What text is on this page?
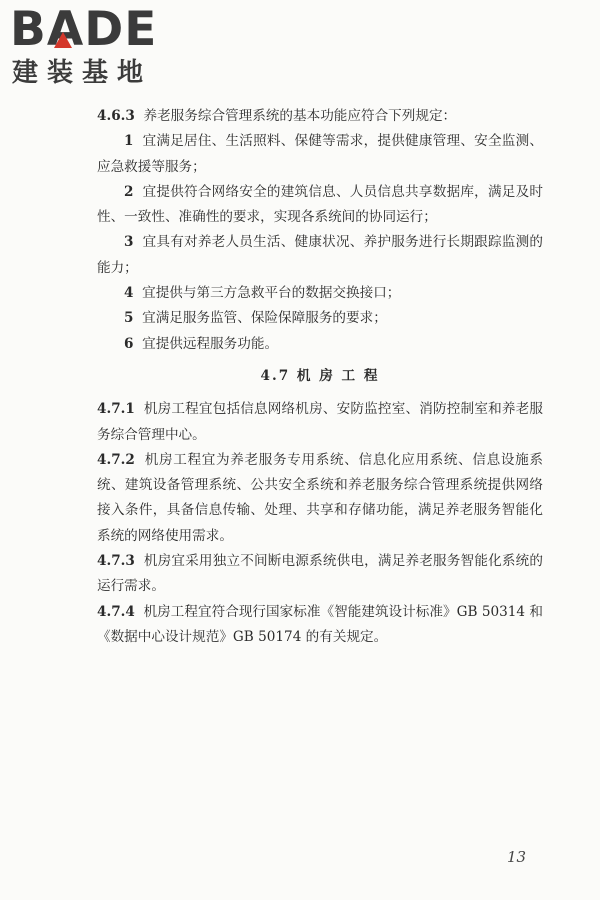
BADE
建装基地

4.6.3 养老服务综合管理系统的基本功能应符合下列规定：

1 宜满足居住、生活照料、保健等需求，提供健康管理、安全监测、应急救援等服务；

2 宜提供符合网络安全的建筑信息、人员信息共享数据库，满足及时性、一致性、准确性的要求，实现各系统间的协同运行；

3 宜具有对养老人员生活、健康状况、养护服务进行长期跟踪监测的能力；

4 宜提供与第三方急救平台的数据交换接口；

5 宜满足服务监管、保险保障服务的要求；

6 宜提供远程服务功能。

4.7 机 房 工 程

4.7.1 机房工程宜包括信息网络机房、安防监控室、消防控制室和养老服务综合管理中心。

4.7.2 机房工程宜为养老服务专用系统、信息化应用系统、信息设施系统、建筑设备管理系统、公共安全系统和养老服务综合管理系统提供网络接入条件，具备信息传输、处理、共享和存储功能，满足养老服务智能化系统的网络使用需求。

4.7.3 机房宜采用独立不间断电源系统供电，满足养老服务智能化系统的运行需求。

4.7.4 机房工程宜符合现行国家标准《智能建筑设计标准》GB 50314 和《数据中心设计规范》GB 50174 的有关规定。

13
